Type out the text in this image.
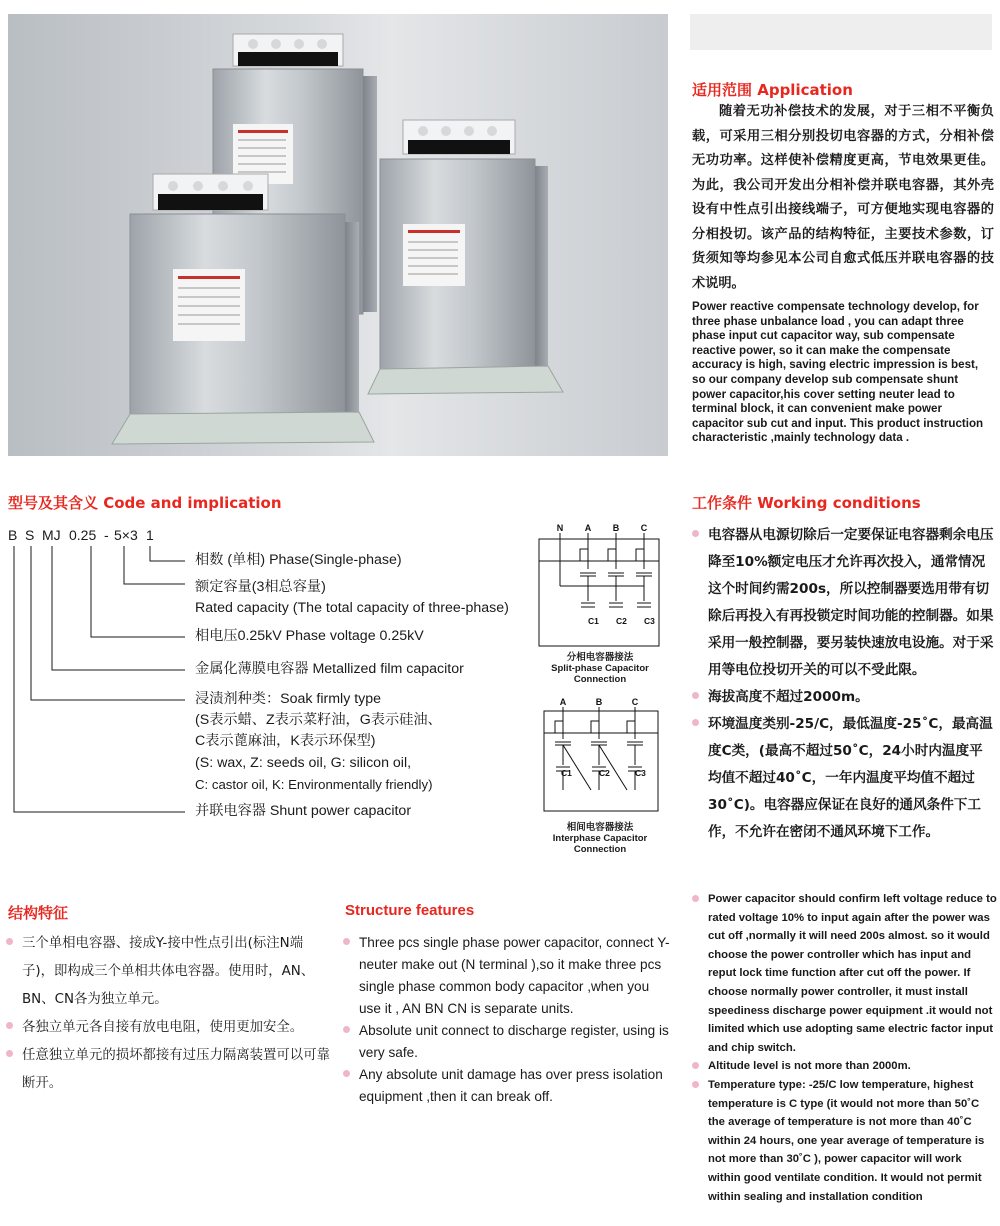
适用范围 Application
随着无功补偿技术的发展，对于三相不平衡负载，可采用三相分别投切电容器的方式，分相补偿无功功率。这样使补偿精度更高，节电效果更佳。为此，我公司开发出分相补偿并联电容器，其外壳设有中性点引出接线端子，可方便地实现电容器的分相投切。该产品的结构特征，主要技术参数，订货须知等均参见本公司自愈式低压并联电容器的技术说明。
Power reactive compensate technology develop, for three phase unbalance load , you can adapt three phase input cut capacitor way, sub compensate reactive power, so it can make the compensate accuracy is high, saving electric impression is best, so our company develop sub compensate shunt power capacitor,his cover setting neuter lead to terminal block, it can convenient make power capacitor sub cut and input. This product instruction characteristic ,mainly technology data .
型号及其含义 Code and implication
B S MJ 0.25 - 5×3 1
相数 (单相) Phase(Single-phase)
额定容量(3相总容量)
Rated capacity (The total capacity of three-phase)
相电压0.25kV Phase voltage 0.25kV
金属化薄膜电容器 Metallized film capacitor
浸渍剂种类：Soak firmly type
(S表示蜡、Z表示菜籽油，G表示硅油、
C表示蓖麻油，K表示环保型)
(S: wax, Z: seeds oil, G: silicon oil,
C: castor oil, K: Environmentally friendly)
并联电容器 Shunt power capacitor
N A B C
C1 C2 C3
分相电容器接法
Split-phase Capacitor
Connection
A	B	C
C1	C2	C3
相间电容器接法
Interphase Capacitor
Connection
工作条件 Working conditions
电容器从电源切除后一定要保证电容器剩余电压降至10%额定电压才允许再次投入，通常情况这个时间约需200s，所以控制器要选用带有切除后再投入有再投锁定时间功能的控制器。如果采用一般控制器，要另装快速放电设施。对于采用等电位投切开关的可以不受此限。
海拔高度不超过2000m。
环境温度类别-25/C，最低温度-25˚C，最高温度C类，(最高不超过50˚C，24小时内温度平均值不超过40˚C，一年内温度平均值不超过30˚C)。电容器应保证在良好的通风条件下工作，不允许在密闭不通风环境下工作。
Power capacitor should confirm left voltage reduce to rated voltage 10% to input again after the power was cut off ,normally it will need 200s almost. so it would choose the power controller which has input and reput lock time function after cut off the power. If choose normally power controller, it must install speediness discharge power equipment .it would not limited which use adopting same electric factor input and chip switch.
Altitude level is not more than 2000m.
Temperature type: -25/C low temperature, highest temperature is C type (it would not more than 50˚C the average of temperature is not more than 40˚C within 24 hours, one year average of temperature is not more than 30˚C ), power capacitor will work within good ventilate condition. It would not permit within sealing and installation condition
结构特征
三个单相电容器、接成Y-接中性点引出(标注N端子)，即构成三个单相共体电容器。使用时，AN、BN、CN各为独立单元。
各独立单元各自接有放电电阻，使用更加安全。
任意独立单元的损坏都接有过压力隔离装置可以可靠断开。
Structure features
Three pcs single phase power capacitor, connect Y-neuter make out (N terminal ),so it make three pcs single phase common body capacitor ,when you use it , AN BN CN is separate units.
Absolute unit connect to discharge register, using is very safe.
Any absolute unit damage has over press isolation equipment ,then it can break off.
